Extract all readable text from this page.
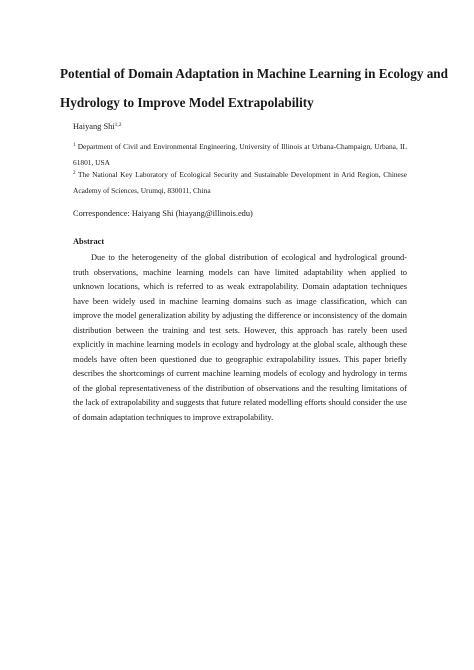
Potential of Domain Adaptation in Machine Learning in Ecology and
Hydrology to Improve Model Extrapolability
Haiyang Shi$^{1,2}$
$^1$ Department of Civil and Environmental Engineering, University of Illinois at Urbana-Champaign, Urbana, IL 61801, USA
$^2$ The National Key Laboratory of Ecological Security and Sustainable Development in Arid Region, Chinese Academy of Sciences, Urumqi, 830011, China
Correspondence: Haiyang Shi (hiayang@illinois.edu)
Abstract

Due to the heterogeneity of the global distribution of ecological and hydrological ground-truth observations, machine learning models can have limited adaptability when applied to unknown locations, which is referred to as weak extrapolability. Domain adaptation techniques have been widely used in machine learning domains such as image classification, which can improve the model generalization ability by adjusting the difference or inconsistency of the domain distribution between the training and test sets. However, this approach has rarely been used explicitly in machine learning models in ecology and hydrology at the global scale, although these models have often been questioned due to geographic extrapolability issues. This paper briefly describes the shortcomings of current machine learning models of ecology and hydrology in terms of the global representativeness of the distribution of observations and the resulting limitations of the lack of extrapolability and suggests that future related modelling efforts should consider the use of domain adaptation techniques to improve extrapolability.
